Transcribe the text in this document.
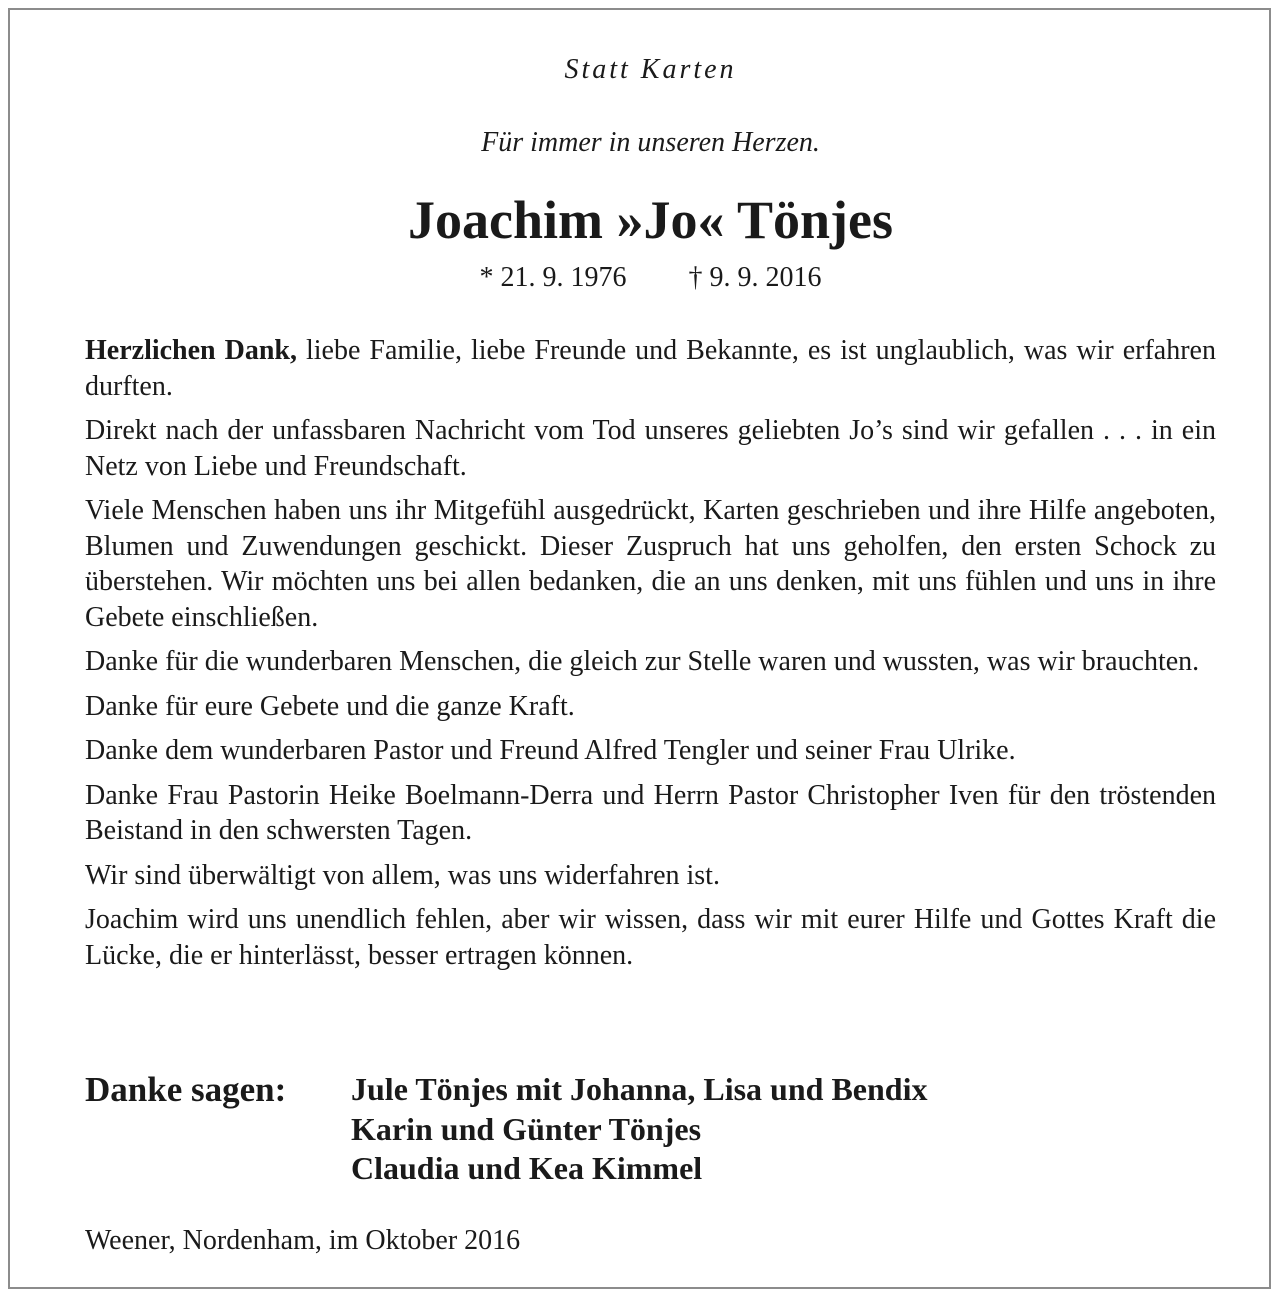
Statt Karten
Für immer in unseren Herzen.
Joachim »Jo« Tönjes
* 21. 9. 1976 † 9. 9. 2016

Herzlichen Dank, liebe Familie, liebe Freunde und Bekannte, es ist unglaublich, was wir erfahren durften.

Direkt nach der unfassbaren Nachricht vom Tod unseres geliebten Jo’s sind wir gefallen . . . in ein Netz von Liebe und Freundschaft.

Viele Menschen haben uns ihr Mitgefühl ausgedrückt, Karten geschrieben und ihre Hilfe angeboten, Blumen und Zuwendungen geschickt. Dieser Zuspruch hat uns geholfen, den ersten Schock zu überstehen. Wir möchten uns bei allen bedanken, die an uns denken, mit uns fühlen und uns in ihre Gebete einschließen.

Danke für die wunderbaren Menschen, die gleich zur Stelle waren und wussten, was wir brauchten.

Danke für eure Gebete und die ganze Kraft.

Danke dem wunderbaren Pastor und Freund Alfred Tengler und seiner Frau Ulrike.

Danke Frau Pastorin Heike Boelmann-Derra und Herrn Pastor Christopher Iven für den tröstenden Beistand in den schwersten Tagen.

Wir sind überwältigt von allem, was uns widerfahren ist.

Joachim wird uns unendlich fehlen, aber wir wissen, dass wir mit eurer Hilfe und Gottes Kraft die Lücke, die er hinterlässt, besser ertragen können.

Danke sagen: Jule Tönjes mit Johanna, Lisa und Bendix
Karin und Günter Tönjes
Claudia und Kea Kimmel
Weener, Nordenham, im Oktober 2016
